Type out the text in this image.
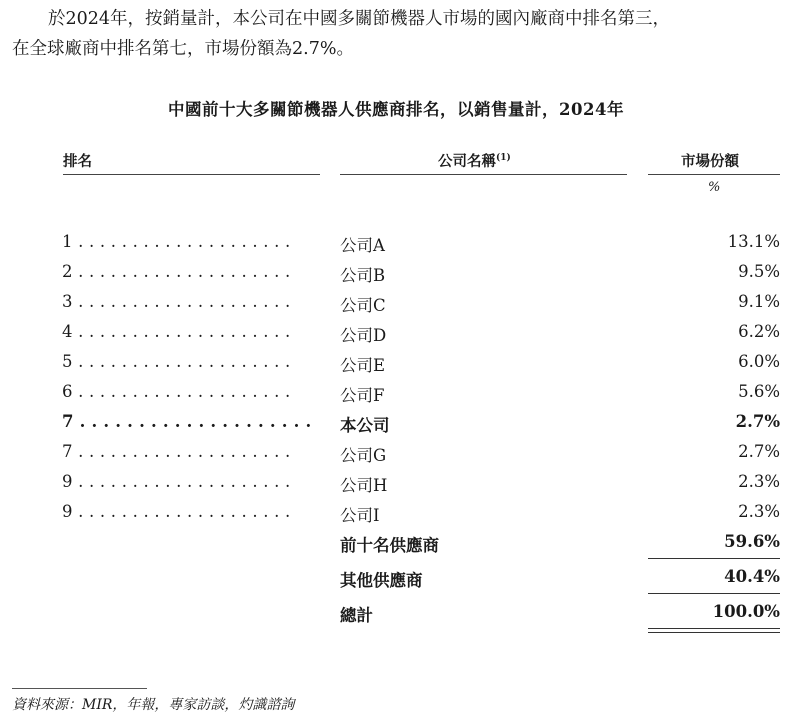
於2024年，按銷量計，本公司在中國多關節機器人市場的國內廠商中排名第三，
在全球廠商中排名第七，市場份額為2.7%。
中國前十大多關節機器人供應商排名，以銷售量計，2024年
排名	公司名稱$^{(1)}$	市場份額
%
1 . . . . . . . . . . . . . . . . . . . .	公司A	13.1%
2 . . . . . . . . . . . . . . . . . . . .	公司B	9.5%
3 . . . . . . . . . . . . . . . . . . . .	公司C	9.1%
4 . . . . . . . . . . . . . . . . . . . .	公司D	6.2%
5 . . . . . . . . . . . . . . . . . . . .	公司E	6.0%
6 . . . . . . . . . . . . . . . . . . . .	公司F	5.6%
7 . . . . . . . . . . . . . . . . . . . . 本公司	2.7%
7 . . . . . . . . . . . . . . . . . . . .	公司G	2.7%
9 . . . . . . . . . . . . . . . . . . . .	公司H	2.3%
9 . . . . . . . . . . . . . . . . . . . .	公司I	2.3%
前十名供應商	59.6%
其他供應商	40.4%
總計	100.0%
資料來源：MIR，年報，專家訪談，灼識諮詢
